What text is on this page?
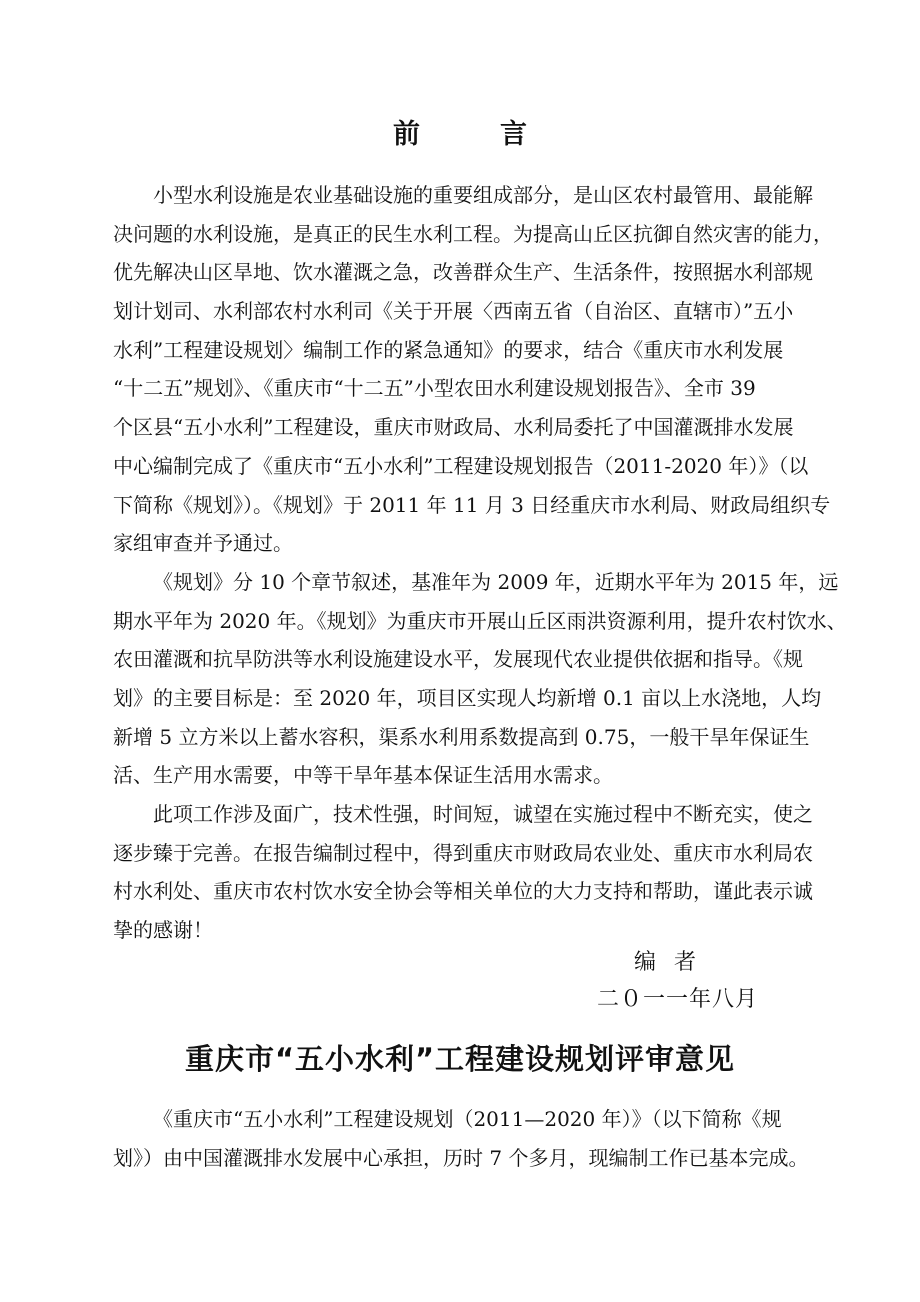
前言
小型水利设施是农业基础设施的重要组成部分，是山区农村最管用、最能解
决问题的水利设施，是真正的民生水利工程。为提高山丘区抗御自然灾害的能力，
优先解决山区旱地、饮水灌溉之急，改善群众生产、生活条件，按照据水利部规
划计划司、水利部农村水利司《关于开展〈西南五省（自治区、直辖市）”五小
水利”工程建设规划〉编制工作的紧急通知》的要求，结合《重庆市水利发展
“十二五”规划》、《重庆市“十二五”小型农田水利建设规划报告》、全市 39
个区县“五小水利”工程建设，重庆市财政局、水利局委托了中国灌溉排水发展
中心编制完成了《重庆市“五小水利”工程建设规划报告（2011-2020 年）》（以
下简称《规划》）。《规划》于 2011 年 11 月 3 日经重庆市水利局、财政局组织专
家组审查并予通过。
《规划》分 10 个章节叙述，基准年为 2009 年，近期水平年为 2015 年，远
期水平年为 2020 年。《规划》为重庆市开展山丘区雨洪资源利用，提升农村饮水、
农田灌溉和抗旱防洪等水利设施建设水平，发展现代农业提供依据和指导。《规
划》的主要目标是：至 2020 年，项目区实现人均新增 0.1 亩以上水浇地，人均
新增 5 立方米以上蓄水容积，渠系水利用系数提高到 0.75，一般干旱年保证生
活、生产用水需要，中等干旱年基本保证生活用水需求。
此项工作涉及面广，技术性强，时间短，诚望在实施过程中不断充实，使之
逐步臻于完善。在报告编制过程中，得到重庆市财政局农业处、重庆市水利局农
村水利处、重庆市农村饮水安全协会等相关单位的大力支持和帮助，谨此表示诚
挚的感谢！
编者
二０一一年八月
重庆市“五小水利”工程建设规划评审意见
《重庆市“五小水利”工程建设规划（2011—2020 年）》（以下简称《规
划》）由中国灌溉排水发展中心承担，历时 7 个多月，现编制工作已基本完成。
